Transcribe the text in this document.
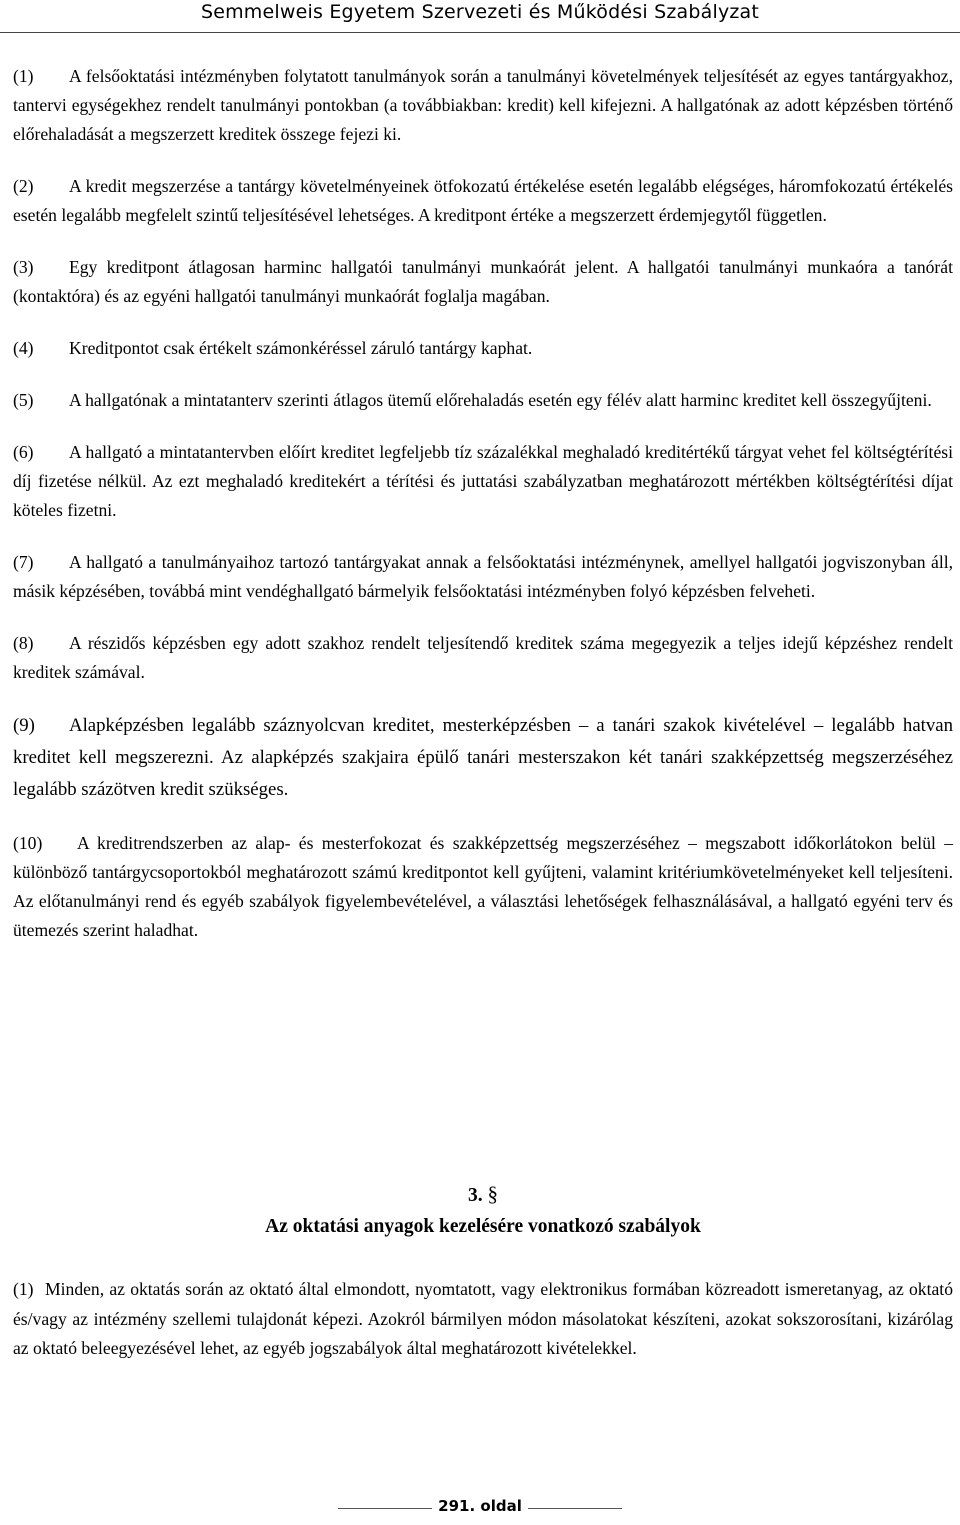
Semmelweis Egyetem Szervezeti és Működési Szabályzat

(1) A felsőoktatási intézményben folytatott tanulmányok során a tanulmányi követelmények teljesítését az egyes tantárgyakhoz, tantervi egységekhez rendelt tanulmányi pontokban (a továbbiakban: kredit) kell kifejezni. A hallgatónak az adott képzésben történő előrehaladását a megszerzett kreditek összege fejezi ki.

(2) A kredit megszerzése a tantárgy követelményeinek ötfokozatú értékelése esetén legalább elégséges, háromfokozatú értékelés esetén legalább megfelelt szintű teljesítésével lehetséges. A kreditpont értéke a megszerzett érdemjegytől független.

(3) Egy kreditpont átlagosan harminc hallgatói tanulmányi munkaórát jelent. A hallgatói tanulmányi munkaóra a tanórát (kontaktóra) és az egyéni hallgatói tanulmányi munkaórát foglalja magában.

(4) Kreditpontot csak értékelt számonkéréssel záruló tantárgy kaphat.

(5) A hallgatónak a mintatanterv szerinti átlagos ütemű előrehaladás esetén egy félév alatt harminc kreditet kell összegyűjteni.

(6) A hallgató a mintatantervben előírt kreditet legfeljebb tíz százalékkal meghaladó kreditértékű tárgyat vehet fel költségtérítési díj fizetése nélkül. Az ezt meghaladó kreditekért a térítési és juttatási szabályzatban meghatározott mértékben költségtérítési díjat köteles fizetni.

(7) A hallgató a tanulmányaihoz tartozó tantárgyakat annak a felsőoktatási intézménynek, amellyel hallgatói jogviszonyban áll, másik képzésében, továbbá mint vendéghallgató bármelyik felsőoktatási intézményben folyó képzésben felveheti.

(8) A részidős képzésben egy adott szakhoz rendelt teljesítendő kreditek száma megegyezik a teljes idejű képzéshez rendelt kreditek számával.

(9) Alapképzésben legalább száznyolcvan kreditet, mesterképzésben – a tanári szakok kivételével – legalább hatvan kreditet kell megszerezni. Az alapképzés szakjaira épülő tanári mesterszakon két tanári szakképzettség megszerzéséhez legalább százötven kredit szükséges.

(10) A kreditrendszerben az alap- és mesterfokozat és szakképzettség megszerzéséhez – megszabott időkorlátokon belül – különböző tantárgycsoportokból meghatározott számú kreditpontot kell gyűjteni, valamint kritériumkövetelményeket kell teljesíteni. Az előtanulmányi rend és egyéb szabályok figyelembevételével, a választási lehetőségek felhasználásával, a hallgató egyéni terv és ütemezés szerint haladhat.

3. §
Az oktatási anyagok kezelésére vonatkozó szabályok

(1) Minden, az oktatás során az oktató által elmondott, nyomtatott, vagy elektronikus formában közreadott ismeretanyag, az oktató és/vagy az intézmény szellemi tulajdonát képezi. Azokról bármilyen módon másolatokat készíteni, azokat sokszorosítani, kizárólag az oktató beleegyezésével lehet, az egyéb jogszabályok által meghatározott kivételekkel.

291. oldal
